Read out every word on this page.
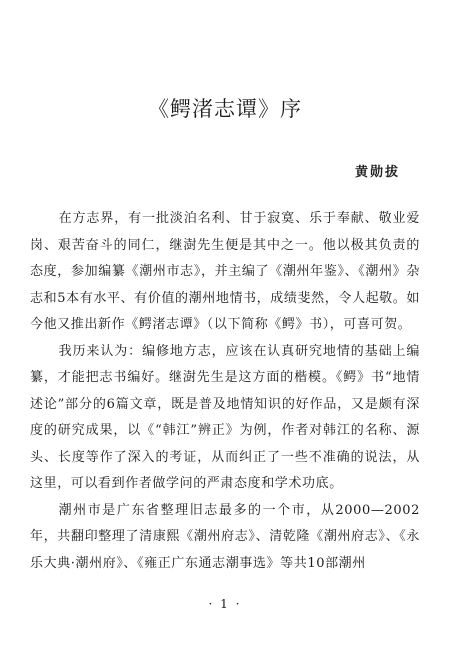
《鳄渚志谭》序
黄勋拔

在方志界，有一批淡泊名利、甘于寂寞、乐于奉献、敬业爱岗、艰苦奋斗的同仁，继澍先生便是其中之一。他以极其负责的态度，参加编纂《潮州市志》，并主编了《潮州年鉴》、《潮州》杂志和5本有水平、有价值的潮州地情书，成绩斐然，令人起敬。如今他又推出新作《鳄渚志谭》（以下简称《鳄》书），可喜可贺。

我历来认为：编修地方志，应该在认真研究地情的基础上编纂，才能把志书编好。继澍先生是这方面的楷模。《鳄》书“地情述论”部分的6篇文章，既是普及地情知识的好作品，又是颇有深度的研究成果，以《“韩江”辨正》为例，作者对韩江的名称、源头、长度等作了深入的考证，从而纠正了一些不准确的说法，从这里，可以看到作者做学问的严肃态度和学术功底。

潮州市是广东省整理旧志最多的一个市，从2000—2002年，共翻印整理了清康熙《潮州府志》、清乾隆《潮州府志》、《永乐大典·潮州府》、《雍正广东通志潮事选》等共10部潮州

· 1 ·
